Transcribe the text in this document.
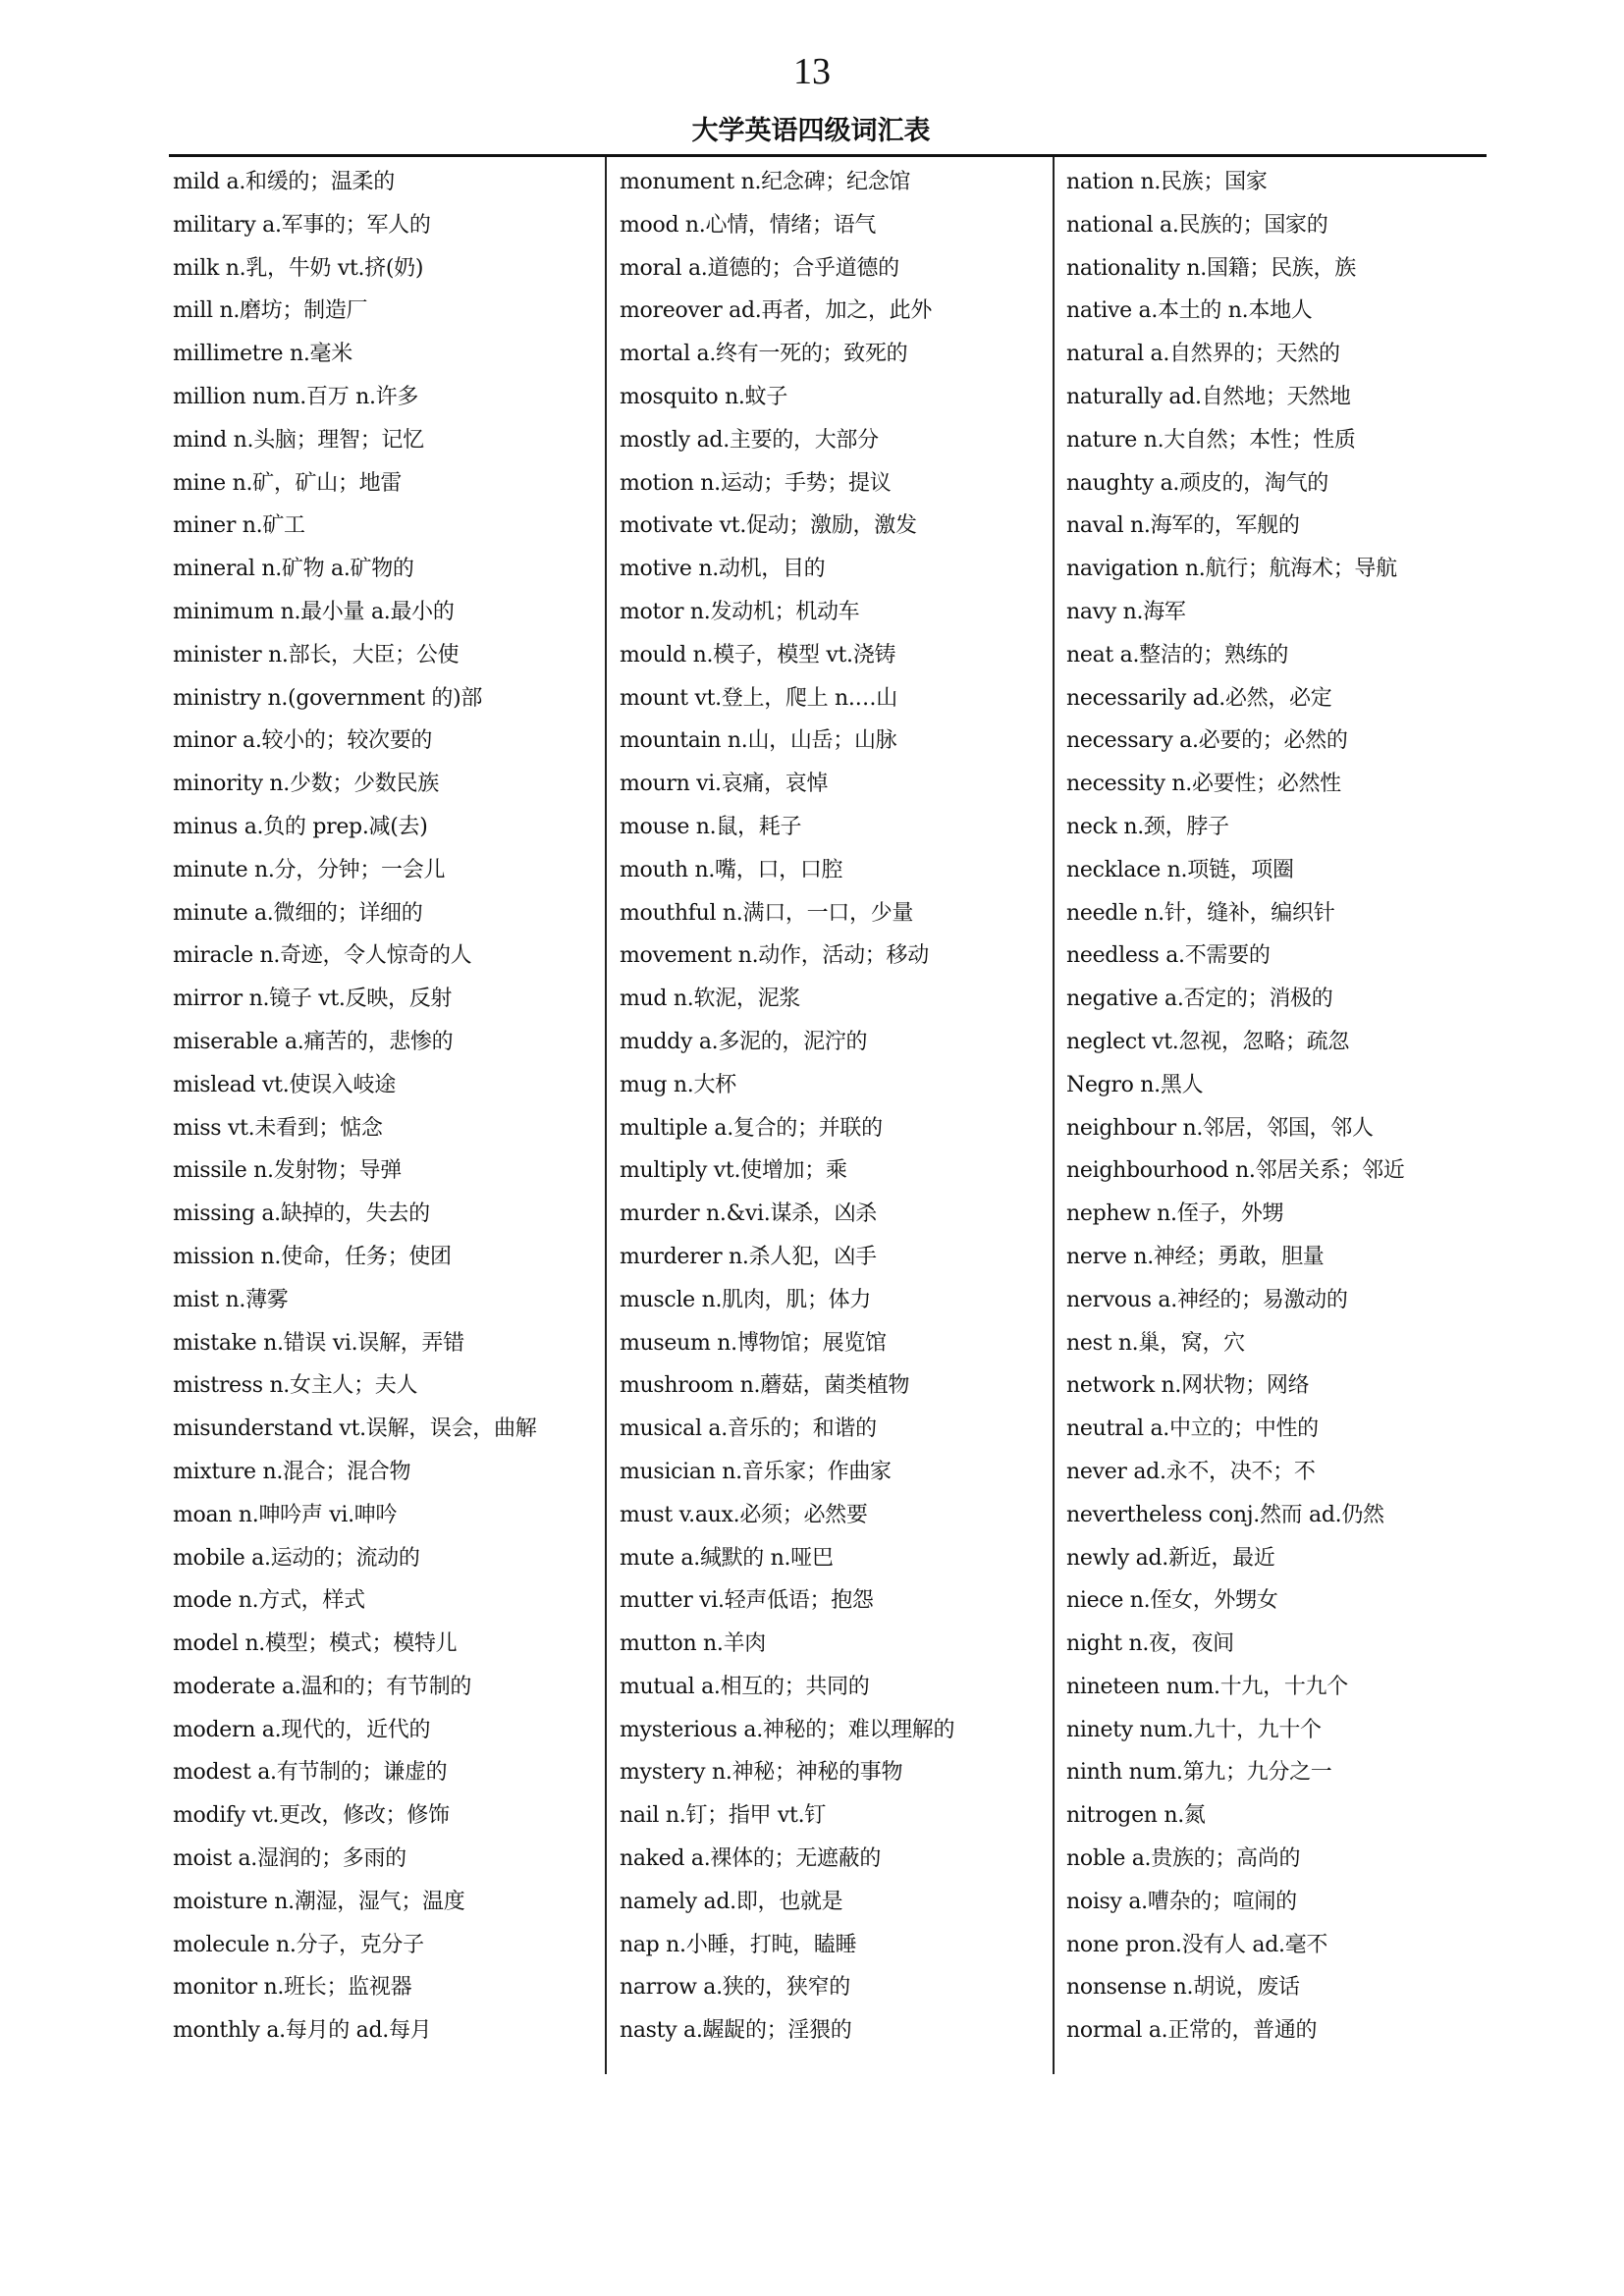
13
大学英语四级词汇表
mild a.和缓的；温柔的
military a.军事的；军人的
milk n.乳，牛奶 vt.挤(奶)
mill n.磨坊；制造厂
millimetre n.毫米
million num.百万 n.许多
mind n.头脑；理智；记忆
mine n.矿，矿山；地雷
miner n.矿工
mineral n.矿物 a.矿物的
minimum n.最小量 a.最小的
minister n.部长，大臣；公使
ministry n.(government 的)部
minor a.较小的；较次要的
minority n.少数；少数民族
minus a.负的 prep.减(去)
minute n.分，分钟；一会儿
minute a.微细的；详细的
miracle n.奇迹，令人惊奇的人
mirror n.镜子 vt.反映，反射
miserable a.痛苦的，悲惨的
mislead vt.使误入岐途
miss vt.未看到；惦念
missile n.发射物；导弹
missing a.缺掉的，失去的
mission n.使命，任务；使团
mist n.薄雾
mistake n.错误 vi.误解，弄错
mistress n.女主人；夫人
misunderstand vt.误解，误会，曲解
mixture n.混合；混合物
moan n.呻吟声 vi.呻吟
mobile a.运动的；流动的
mode n.方式，样式
model n.模型；模式；模特儿
moderate a.温和的；有节制的
modern a.现代的，近代的
modest a.有节制的；谦虚的
modify vt.更改，修改；修饰
moist a.湿润的；多雨的
moisture n.潮湿，湿气；温度
molecule n.分子，克分子
monitor n.班长；监视器
monthly a.每月的 ad.每月
monument n.纪念碑；纪念馆
mood n.心情，情绪；语气
moral a.道德的；合乎道德的
moreover ad.再者，加之，此外
mortal a.终有一死的；致死的
mosquito n.蚊子
mostly ad.主要的，大部分
motion n.运动；手势；提议
motivate vt.促动；激励，激发
motive n.动机，目的
motor n.发动机；机动车
mould n.模子，模型 vt.浇铸
mount vt.登上，爬上 n.…山
mountain n.山，山岳；山脉
mourn vi.哀痛，哀悼
mouse n.鼠，耗子
mouth n.嘴，口，口腔
mouthful n.满口，一口，少量
movement n.动作，活动；移动
mud n.软泥，泥浆
muddy a.多泥的，泥泞的
mug n.大杯
multiple a.复合的；并联的
multiply vt.使增加；乘
murder n.&vi.谋杀，凶杀
murderer n.杀人犯，凶手
muscle n.肌肉，肌；体力
museum n.博物馆；展览馆
mushroom n.蘑菇，菌类植物
musical a.音乐的；和谐的
musician n.音乐家；作曲家
must v.aux.必须；必然要
mute a.缄默的 n.哑巴
mutter vi.轻声低语；抱怨
mutton n.羊肉
mutual a.相互的；共同的
mysterious a.神秘的；难以理解的
mystery n.神秘；神秘的事物
nail n.钉；指甲 vt.钉
naked a.裸体的；无遮蔽的
namely ad.即，也就是
nap n.小睡，打盹，瞌睡
narrow a.狭的，狭窄的
nasty a.龌龊的；淫猥的
nation n.民族；国家
national a.民族的；国家的
nationality n.国籍；民族，族
native a.本土的 n.本地人
natural a.自然界的；天然的
naturally ad.自然地；天然地
nature n.大自然；本性；性质
naughty a.顽皮的，淘气的
naval n.海军的，军舰的
navigation n.航行；航海术；导航
navy n.海军
neat a.整洁的；熟练的
necessarily ad.必然，必定
necessary a.必要的；必然的
necessity n.必要性；必然性
neck n.颈，脖子
necklace n.项链，项圈
needle n.针，缝补，编织针
needless a.不需要的
negative a.否定的；消极的
neglect vt.忽视，忽略；疏忽
Negro n.黑人
neighbour n.邻居，邻国，邻人
neighbourhood n.邻居关系；邻近
nephew n.侄子，外甥
nerve n.神经；勇敢，胆量
nervous a.神经的；易激动的
nest n.巢，窝，穴
network n.网状物；网络
neutral a.中立的；中性的
never ad.永不，决不；不
nevertheless conj.然而 ad.仍然
newly ad.新近，最近
niece n.侄女，外甥女
night n.夜，夜间
nineteen num.十九，十九个
ninety num.九十，九十个
ninth num.第九；九分之一
nitrogen n.氮
noble a.贵族的；高尚的
noisy a.嘈杂的；喧闹的
none pron.没有人 ad.毫不
nonsense n.胡说，废话
normal a.正常的，普通的
